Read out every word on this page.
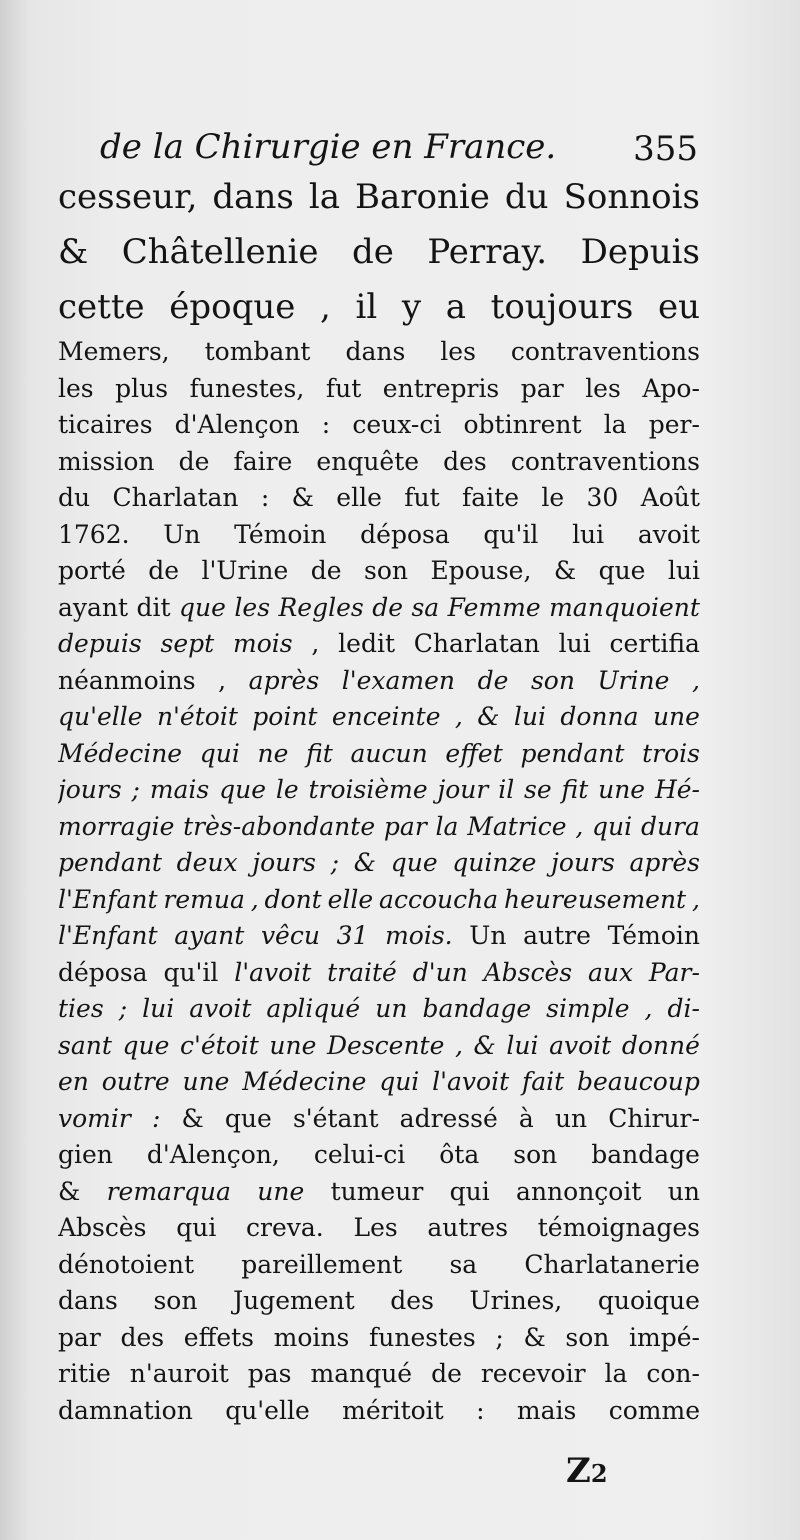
de la Chirurgie en France. 355
cesseur, dans la Baronie du Sonnois
& Châtellenie de Perray. Depuis
cette époque , il y a toujours eu
Memers, tombant dans les contraventions
les plus funestes, fut entrepris par les Apo-
ticaires d'Alençon : ceux-ci obtinrent la per-
mission de faire enquête des contraventions
du Charlatan : & elle fut faite le 30 Août
1762. Un Témoin déposa qu'il lui avoit
porté de l'Urine de son Epouse, & que lui
ayant dit que les Regles de sa Femme manquoient
depuis sept mois , ledit Charlatan lui certifia
néanmoins , après l'examen de son Urine ,
qu'elle n'étoit point enceinte , & lui donna une
Médecine qui ne fit aucun effet pendant trois
jours ; mais que le troisième jour il se fit une Hé-
morragie très-abondante par la Matrice , qui dura
pendant deux jours ; & que quinze jours après
l'Enfant remua , dont elle accoucha heureusement ,
l'Enfant ayant vêcu 31 mois. Un autre Témoin
déposa qu'il l'avoit traité d'un Abscès aux Par-
ties ; lui avoit apliqué un bandage simple , di-
sant que c'étoit une Descente , & lui avoit donné
en outre une Médecine qui l'avoit fait beaucoup
vomir : & que s'étant adressé à un Chirur-
gien d'Alençon, celui-ci ôta son bandage
& remarqua une tumeur qui annonçoit un
Abscès qui creva. Les autres témoignages
dénotoient pareillement sa Charlatanerie
dans son Jugement des Urines, quoique
par des effets moins funestes ; & son impé-
ritie n'auroit pas manqué de recevoir la con-
damnation qu'elle méritoit : mais comme
Z2
